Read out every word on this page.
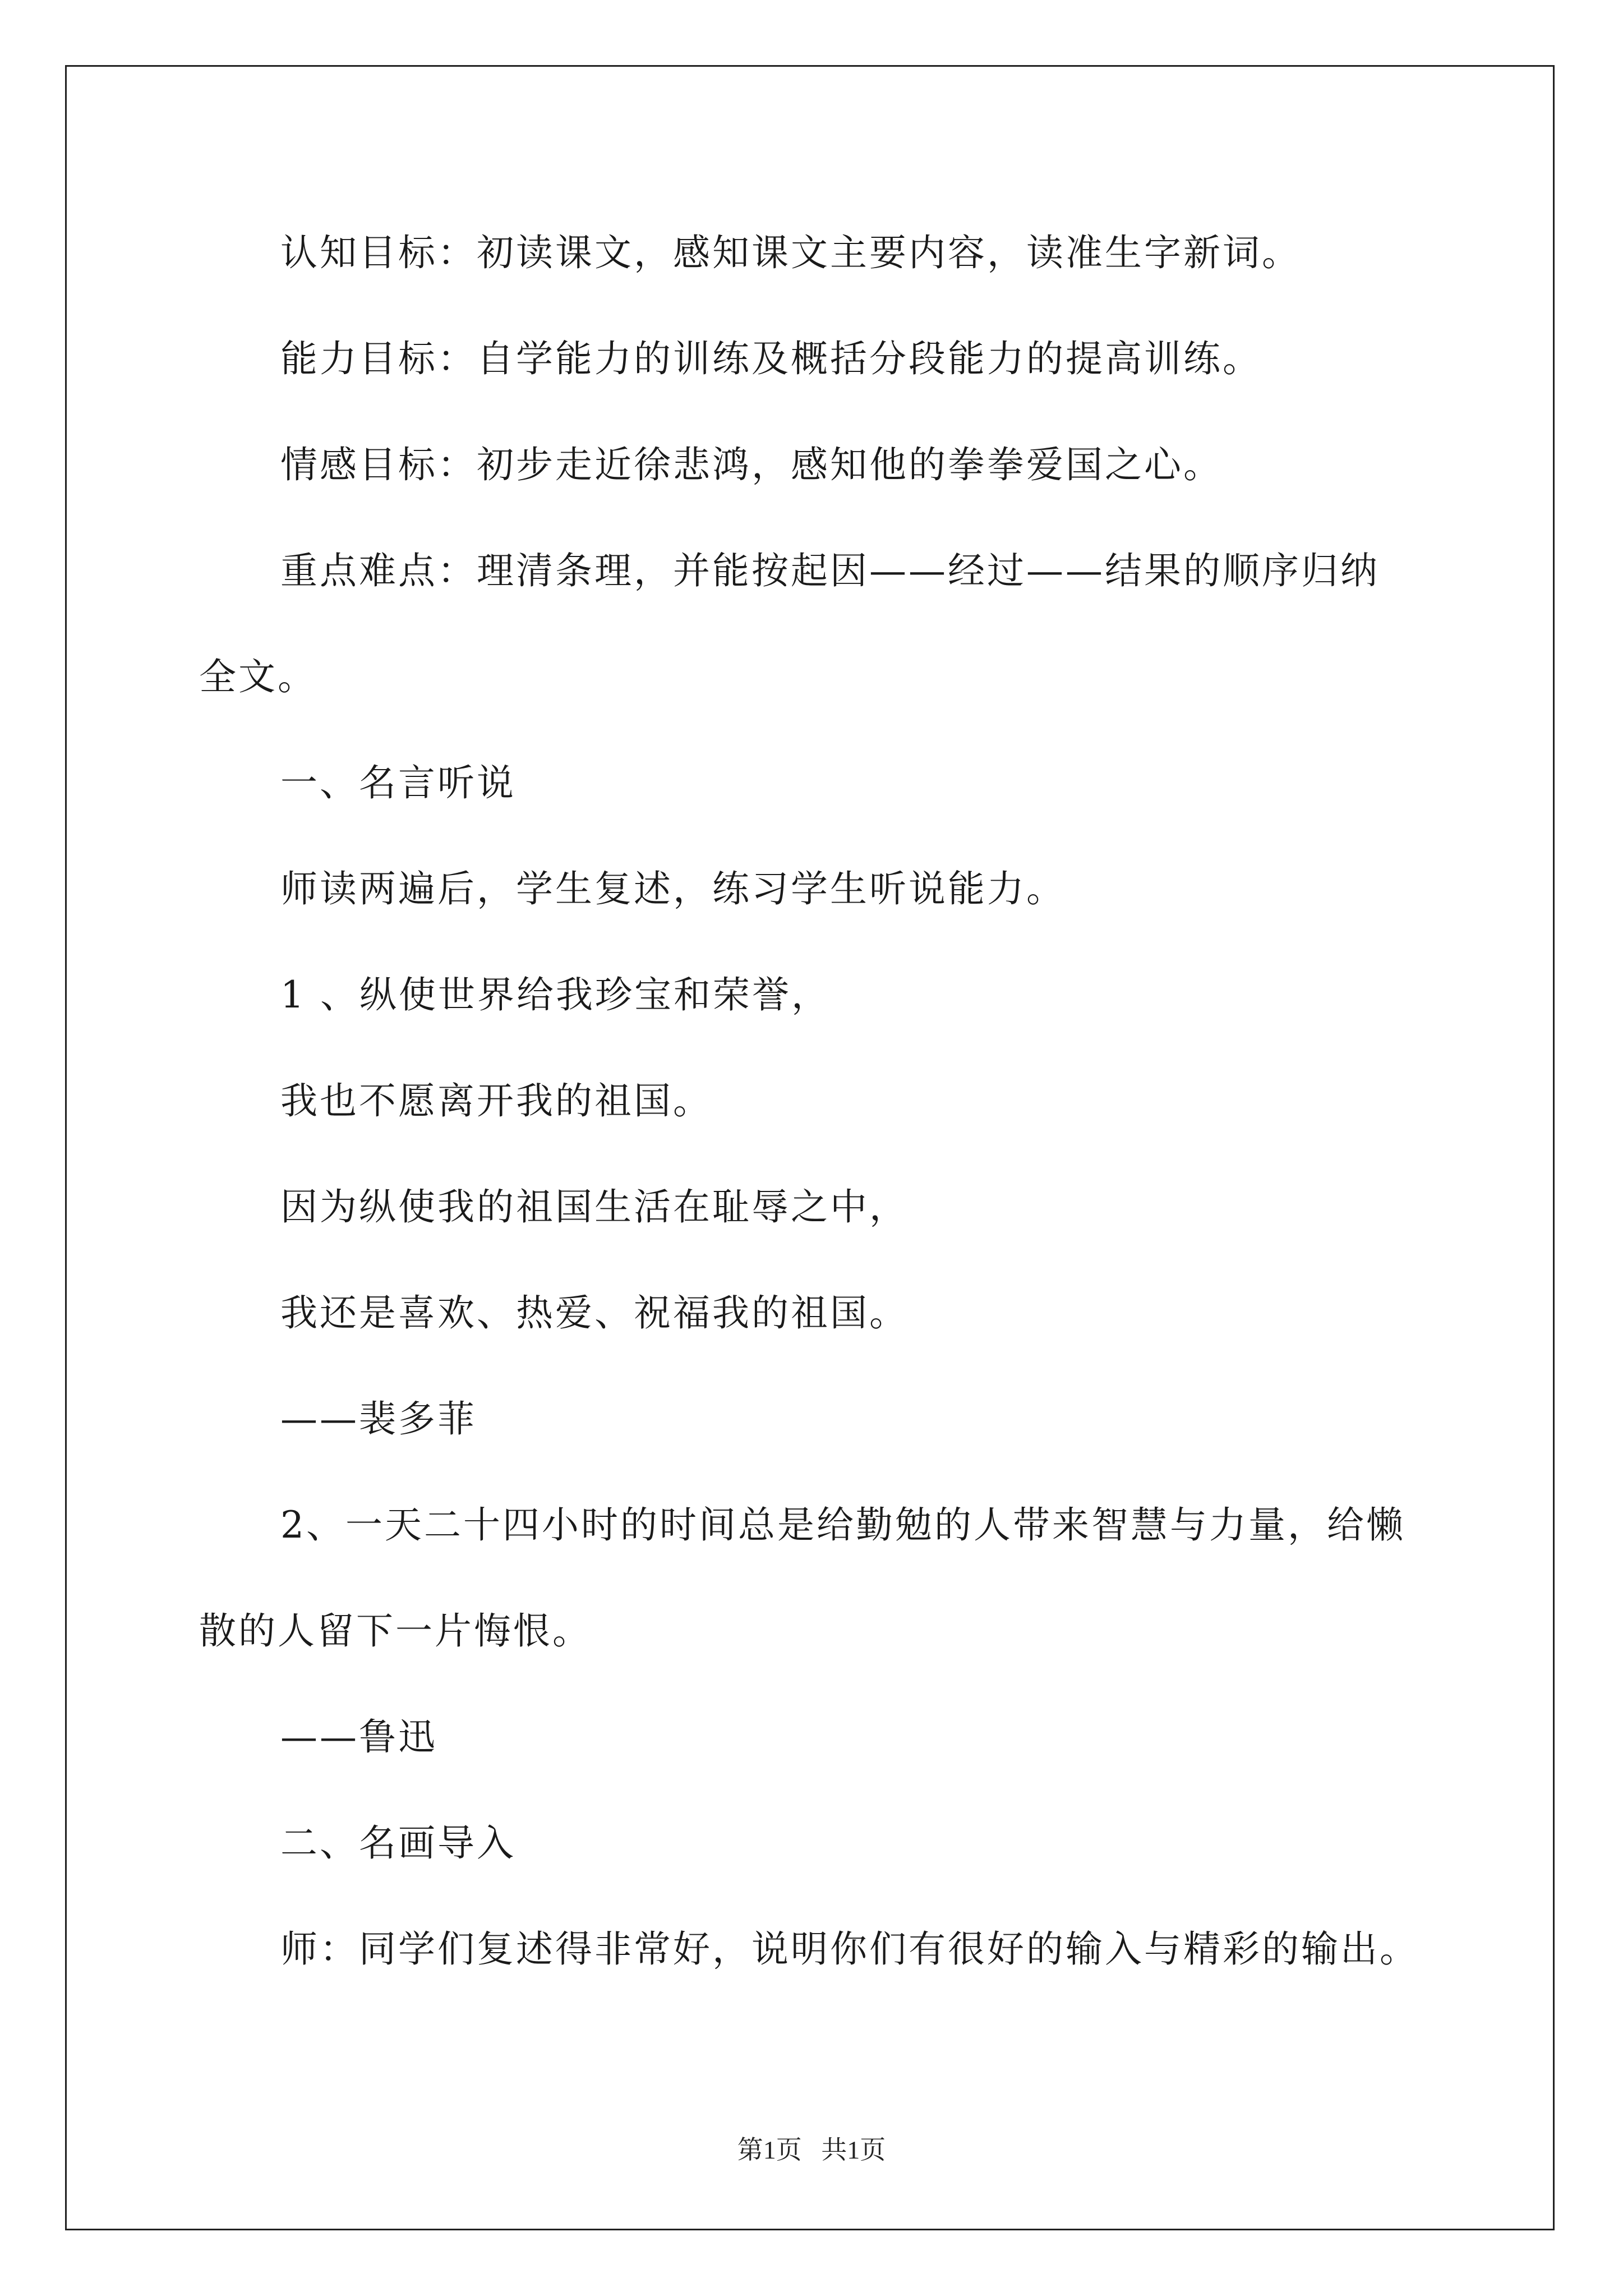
认知目标：初读课文，感知课文主要内容，读准生字新词。
能力目标：自学能力的训练及概括分段能力的提高训练。
情感目标：初步走近徐悲鸿，感知他的拳拳爱国之心。
重点难点：理清条理，并能按起因——经过——结果的顺序归纳
全文。
一、名言听说
师读两遍后，学生复述，练习学生听说能力。
1 、纵使世界给我珍宝和荣誉，
我也不愿离开我的祖国。
因为纵使我的祖国生活在耻辱之中，
我还是喜欢、热爱、祝福我的祖国。
——裴多菲
2、一天二十四小时的时间总是给勤勉的人带来智慧与力量，给懒
散的人留下一片悔恨。
——鲁迅
二、名画导入
师：同学们复述得非常好，说明你们有很好的输入与精彩的输出。
第1页   共1页
